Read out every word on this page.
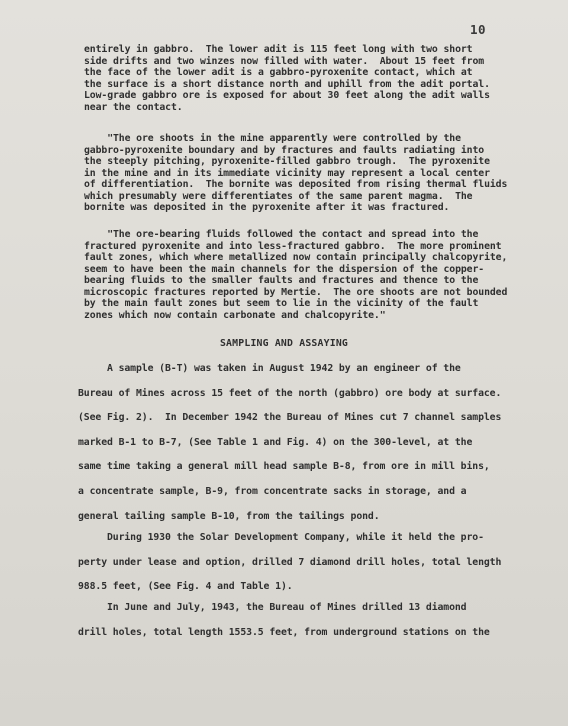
10

entirely in gabbro.  The lower adit is 115 feet long with two short
side drifts and two winzes now filled with water.  About 15 feet from
the face of the lower adit is a gabbro-pyroxenite contact, which at
the surface is a short distance north and uphill from the adit portal.
Low-grade gabbro ore is exposed for about 30 feet along the adit walls
near the contact.

"The ore shoots in the mine apparently were controlled by the
gabbro-pyroxenite boundary and by fractures and faults radiating into
the steeply pitching, pyroxenite-filled gabbro trough.  The pyroxenite
in the mine and in its immediate vicinity may represent a local center
of differentiation.  The bornite was deposited from rising thermal fluids
which presumably were differentiates of the same parent magma.  The
bornite was deposited in the pyroxenite after it was fractured.

"The ore-bearing fluids followed the contact and spread into the
fractured pyroxenite and into less-fractured gabbro.  The more prominent
fault zones, which where metallized now contain principally chalcopyrite,
seem to have been the main channels for the dispersion of the copper-
bearing fluids to the smaller faults and fractures and thence to the
microscopic fractures reported by Mertie.  The ore shoots are not bounded
by the main fault zones but seem to lie in the vicinity of the fault
zones which now contain carbonate and chalcopyrite."

SAMPLING AND ASSAYING

A sample (B-T) was taken in August 1942 by an engineer of the
Bureau of Mines across 15 feet of the north (gabbro) ore body at surface.
(See Fig. 2).  In December 1942 the Bureau of Mines cut 7 channel samples
marked B-1 to B-7, (See Table 1 and Fig. 4) on the 300-level, at the
same time taking a general mill head sample B-8, from ore in mill bins,
a concentrate sample, B-9, from concentrate sacks in storage, and a
general tailing sample B-10, from the tailings pond.

During 1930 the Solar Development Company, while it held the pro-
perty under lease and option, drilled 7 diamond drill holes, total length
988.5 feet, (See Fig. 4 and Table 1).

In June and July, 1943, the Bureau of Mines drilled 13 diamond
drill holes, total length 1553.5 feet, from underground stations on the
